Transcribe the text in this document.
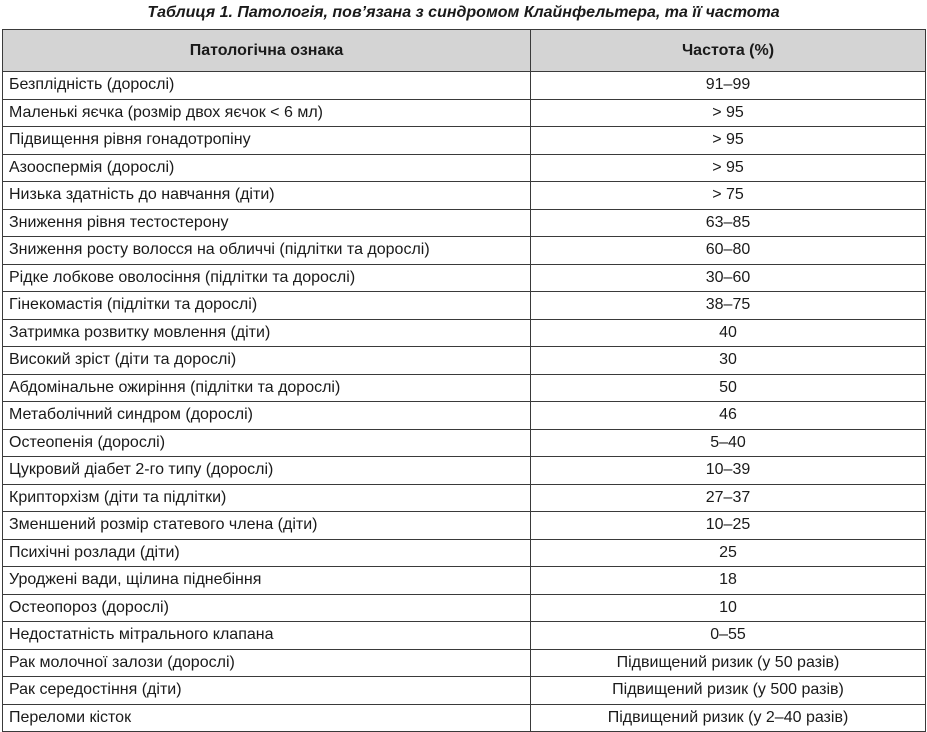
Таблиця 1. Патологія, пов’язана з синдромом Клайнфельтера, та її частота
Патологічна ознака	Частота (%)
Безплідність (дорослі)	91–99
Маленькі яєчка (розмір двох яєчок < 6 мл)	> 95
Підвищення рівня гонадотропіну	> 95
Азооспермія (дорослі)	> 95
Низька здатність до навчання (діти)	> 75
Зниження рівня тестостерону	63–85
Зниження росту волосся на обличчі (підлітки та дорослі)	60–80
Рідке лобкове оволосіння (підлітки та дорослі)	30–60
Гінекомастія (підлітки та дорослі)	38–75
Затримка розвитку мовлення (діти)	40
Високий зріст (діти та дорослі)	30
Абдомінальне ожиріння (підлітки та дорослі)	50
Метаболічний синдром (дорослі)	46
Остеопенія (дорослі)	5–40
Цукровий діабет 2-го типу (дорослі)	10–39
Крипторхізм (діти та підлітки)	27–37
Зменшений розмір статевого члена (діти)	10–25
Психічні розлади (діти)	25
Уроджені вади, щілина піднебіння	18
Остеопороз (дорослі)	10
Недостатність мітрального клапана	0–55
Рак молочної залози (дорослі)	Підвищений ризик (у 50 разів)
Рак середостіння (діти)	Підвищений ризик (у 500 разів)
Переломи кісток	Підвищений ризик (у 2–40 разів)
